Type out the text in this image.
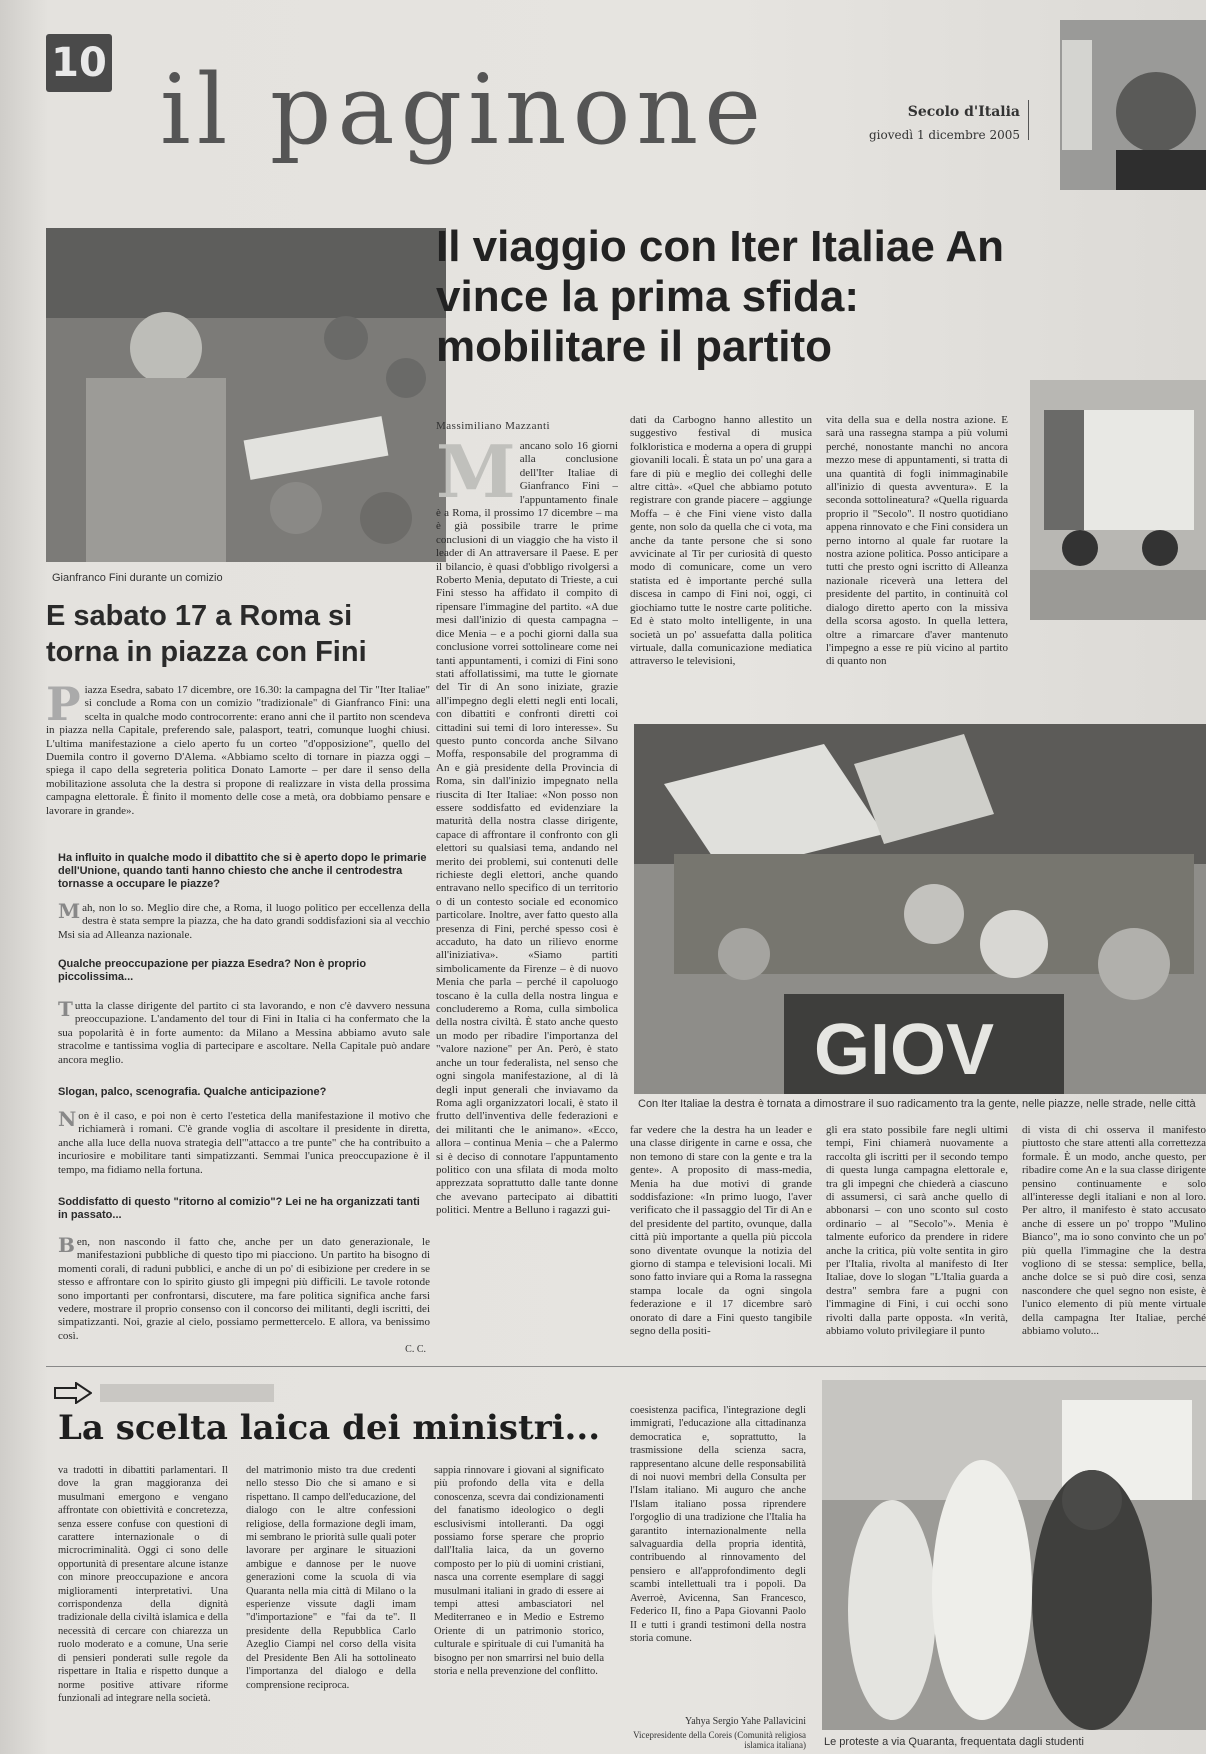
10 il paginone	Secolo d'Italia
giovedì 1 dicembre 2005
Gianfranco Fini durante un comizio
E sabato 17 a Roma si torna in piazza con Fini
Piazza Esedra, sabato 17 dicembre, ore 16.30: la campagna del Tir "Iter Italiae" si conclude a Roma con un comizio "tradizionale" di Gianfranco Fini: una scelta in qualche modo controcorrente: erano anni che il partito non scendeva in piazza nella Capitale, preferendo sale, palasport, teatri, comunque luoghi chiusi. L'ultima manifestazione a cielo aperto fu un corteo "d'opposizione", quello del Duemila contro il governo D'Alema. «Abbiamo scelto di tornare in piazza oggi – spiega il capo della segreteria politica Donato Lamorte – per dare il senso della mobilitazione assoluta che la destra si propone di realizzare in vista della prossima campagna elettorale. È finito il momento delle cose a metà, ora dobbiamo pensare e lavorare in grande».
Ha influito in qualche modo il dibattito che si è aperto dopo le primarie dell'Unione, quando tanti hanno chiesto che anche il centrodestra tornasse a occupare le piazze?
Mah, non lo so. Meglio dire che, a Roma, il luogo politico per eccellenza della destra è stata sempre la piazza, che ha dato grandi soddisfazioni sia al vecchio Msi sia ad Alleanza nazionale.
Qualche preoccupazione per piazza Esedra? Non è proprio piccolissima...
Tutta la classe dirigente del partito ci sta lavorando, e non c'è davvero nessuna preoccupazione. L'andamento del tour di Fini in Italia ci ha confermato che la sua popolarità è in forte aumento: da Milano a Messina abbiamo avuto sale stracolme e tantissima voglia di partecipare e ascoltare. Nella Capitale può andare ancora meglio.
Slogan, palco, scenografia. Qualche anticipazione?
Non è il caso, e poi non è certo l'estetica della manifestazione il motivo che richiamerà i romani. C'è grande voglia di ascoltare il presidente in diretta, anche alla luce della nuova strategia dell'"attacco a tre punte" che ha contribuito a incuriosire e mobilitare tanti simpatizzanti. Semmai l'unica preoccupazione è il tempo, ma fidiamo nella fortuna.
Soddisfatto di questo "ritorno al comizio"? Lei ne ha organizzati tanti in passato...
Ben, non nascondo il fatto che, anche per un dato generazionale, le manifestazioni pubbliche di questo tipo mi piacciono. Un partito ha bisogno di momenti corali, di raduni pubblici, e anche di un po' di esibizione per credere in se stesso e affrontare con lo spirito giusto gli impegni più difficili. Le tavole rotonde sono importanti per confrontarsi, discutere, ma fare politica significa anche farsi vedere, mostrare il proprio consenso con il concorso dei militanti, degli iscritti, dei simpatizzanti. Noi, grazie al cielo, possiamo permettercelo. E allora, va benissimo così.
C. C.
Il viaggio con Iter Italiae An vince la prima sfida: mobilitare il partito
Massimiliano Mazzanti
Mancano solo 16 giorni alla conclusione dell'Iter Italiae di Gianfranco Fini – l'appuntamento finale è a Roma, il prossimo 17 dicembre – ma è già possibile trarre le prime conclusioni di un viaggio che ha visto il leader di An attraversare il Paese. E per il bilancio, è quasi d'obbligo rivolgersi a Roberto Menia, deputato di Trieste, a cui Fini stesso ha affidato il compito di ripensare l'immagine del partito. «A due mesi dall'inizio di questa campagna – dice Menia – e a pochi giorni dalla sua conclusione vorrei sottolineare come nei tanti appuntamenti, i comizi di Fini sono stati affollatissimi, ma tutte le giornate del Tir di An sono iniziate, grazie all'impegno degli eletti negli enti locali, con dibattiti e confronti diretti coi cittadini sui temi di loro interesse». Su questo punto concorda anche Silvano Moffa, responsabile del programma di An e già presidente della Provincia di Roma, sin dall'inizio impegnato nella riuscita di Iter Italiae: «Non posso non essere soddisfatto ed evidenziare la maturità della nostra classe dirigente, capace di affrontare il confronto con gli elettori su qualsiasi tema, andando nel merito dei problemi, sui contenuti delle richieste degli elettori, anche quando entravano nello specifico di un territorio o di un contesto sociale ed economico particolare. Inoltre, aver fatto questo alla presenza di Fini, perché spesso così è accaduto, ha dato un rilievo enorme all'iniziativa». «Siamo partiti simbolicamente da Firenze – è di nuovo Menia che parla – perché il capoluogo toscano è la culla della nostra lingua e concluderemo a Roma, culla simbolica della nostra civiltà. È stato anche questo un modo per ribadire l'importanza del "valore nazione" per An. Però, è stato anche un tour federalista, nel senso che ogni singola manifestazione, al di là degli input generali che inviavamo da Roma agli organizzatori locali, è stato il frutto dell'inventiva delle federazioni e dei militanti che le animano». «Ecco, allora – continua Menia – che a Palermo si è deciso di connotare l'appuntamento politico con una sfilata di moda molto apprezzata soprattutto dalle tante donne che avevano partecipato ai dibattiti politici. Mentre a Belluno i ragazzi gui-
dati da Carbogno hanno allestito un suggestivo festival di musica folkloristica e moderna a opera di gruppi giovanili locali. È stata un po' una gara a fare di più e meglio dei colleghi delle altre città». «Quel che abbiamo potuto registrare con grande piacere – aggiunge Moffa – è che Fini viene visto dalla gente, non solo da quella che ci vota, ma anche da tante persone che si sono avvicinate al Tir per curiosità di questo modo di comunicare, come un vero statista ed è importante perché sulla discesa in campo di Fini noi, oggi, ci giochiamo tutte le nostre carte politiche. Ed è stato molto intelligente, in una società un po' assuefatta dalla politica virtuale, dalla comunicazione mediatica attraverso le televisioni,
vita della sua e della nostra azione. E sarà una rassegna stampa a più volumi perché, nonostante manchi no ancora mezzo mese di appuntamenti, si tratta di una quantità di fogli inimmaginabile all'inizio di questa avventura». E la seconda sottolineatura? «Quella riguarda proprio il "Secolo". Il nostro quotidiano appena rinnovato e che Fini considera un perno intorno al quale far ruotare la nostra azione politica. Posso anticipare a tutti che presto ogni iscritto di Alleanza nazionale riceverà una lettera del presidente del partito, in continuità col dialogo diretto aperto con la missiva della scorsa agosto. In quella lettera, oltre a rimarcare d'aver mantenuto l'impegno a esse re più vicino al partito di quanto non
GIOV
Con Iter Italiae la destra è tornata a dimostrare il suo radicamento tra la gente, nelle piazze, nelle strade, nelle città
far vedere che la destra ha un leader e una classe dirigente in carne e ossa, che non temono di stare con la gente e tra la gente». A proposito di mass-media, Menia ha due motivi di grande soddisfazione: «In primo luogo, l'aver verificato che il passaggio del Tir di An e del presidente del partito, ovunque, dalla città più importante a quella più piccola sono diventate ovunque la notizia del giorno di stampa e televisioni locali. Mi sono fatto inviare qui a Roma la rassegna stampa locale da ogni singola federazione e il 17 dicembre sarò onorato di dare a Fini questo tangibile segno della positi-
gli era stato possibile fare negli ultimi tempi, Fini chiamerà nuovamente a raccolta gli iscritti per il secondo tempo di questa lunga campagna elettorale e, tra gli impegni che chiederà a ciascuno di assumersi, ci sarà anche quello di abbonarsi – con uno sconto sul costo ordinario – al "Secolo"». Menia è talmente euforico da prendere in ridere anche la critica, più volte sentita in giro per l'Italia, rivolta al manifesto di Iter Italiae, dove lo slogan "L'Italia guarda a destra" sembra fare a pugni con l'immagine di Fini, i cui occhi sono rivolti dalla parte opposta. «In verità, abbiamo voluto privilegiare il punto
di vista di chi osserva il manifesto piuttosto che stare attenti alla correttezza formale. È un modo, anche questo, per ribadire come An e la sua classe dirigente pensino continuamente e solo all'interesse degli italiani e non al loro. Per altro, il manifesto è stato accusato anche di essere un po' troppo "Mulino Bianco", ma io sono convinto che un po' più quella l'immagine che la destra vogliono di se stessa: semplice, bella, anche dolce se si può dire così, senza nascondere che quel segno non esiste, è l'unico elemento di più mente virtuale della campagna Iter Italiae, perché abbiamo voluto...
La scelta laica dei ministri...
va tradotti in dibattiti parlamentari. Il dove la gran maggioranza dei musulmani emergono e vengano affrontate con obiettività e concretezza, senza essere confuse con questioni di carattere internazionale o di microcriminalità. Oggi ci sono delle opportunità di presentare alcune istanze con minore preoccupazione e ancora miglioramenti interpretativi. Una corrispondenza della dignità tradizionale della civiltà islamica e della necessità di cercare con chiarezza un ruolo moderato e a comune, Una serie di pensieri ponderati sulle regole da rispettare in Italia e rispetto dunque a norme positive attivare riforme funzionali ad integrare nella società.
del matrimonio misto tra due credenti nello stesso Dio che si amano e si rispettano. Il campo dell'educazione, del dialogo con le altre confessioni religiose, della formazione degli imam, mi sembrano le priorità sulle quali poter lavorare per arginare le situazioni ambigue e dannose per le nuove generazioni come la scuola di via Quaranta nella mia città di Milano o la esperienze vissute dagli imam "d'importazione" e "fai da te". Il presidente della Repubblica Carlo Azeglio Ciampi nel corso della visita del Presidente Ben Ali ha sottolineato l'importanza del dialogo e della comprensione reciproca.
sappia rinnovare i giovani al significato più profondo della vita e della conoscenza, scevra dai condizionamenti del fanatismo ideologico o degli esclusivismi intolleranti. Da oggi possiamo forse sperare che proprio dall'Italia laica, da un governo composto per lo più di uomini cristiani, nasca una corrente esemplare di saggi musulmani italiani in grado di essere ai tempi attesi ambasciatori nel Mediterraneo e in Medio e Estremo Oriente di un patrimonio storico, culturale e spirituale di cui l'umanità ha bisogno per non smarrirsi nel buio della storia e nella prevenzione del conflitto.
coesistenza pacifica, l'integrazione degli immigrati, l'educazione alla cittadinanza democratica e, soprattutto, la trasmissione della scienza sacra, rappresentano alcune delle responsabilità di noi nuovi membri della Consulta per l'Islam italiano. Mi auguro che anche l'Islam italiano possa riprendere l'orgoglio di una tradizione che l'Italia ha garantito internazionalmente nella salvaguardia della propria identità, contribuendo al rinnovamento del pensiero e all'approfondimento degli scambi intellettuali tra i popoli. Da Averroè, Avicenna, San Francesco, Federico II, fino a Papa Giovanni Paolo II e tutti i grandi testimoni della nostra storia comune.
Yahya Sergio Yahe Pallavicini
Vicepresidente della Coreis (Comunità religiosa islamica italiana) Le proteste a via Quaranta, frequentata dagli studenti
